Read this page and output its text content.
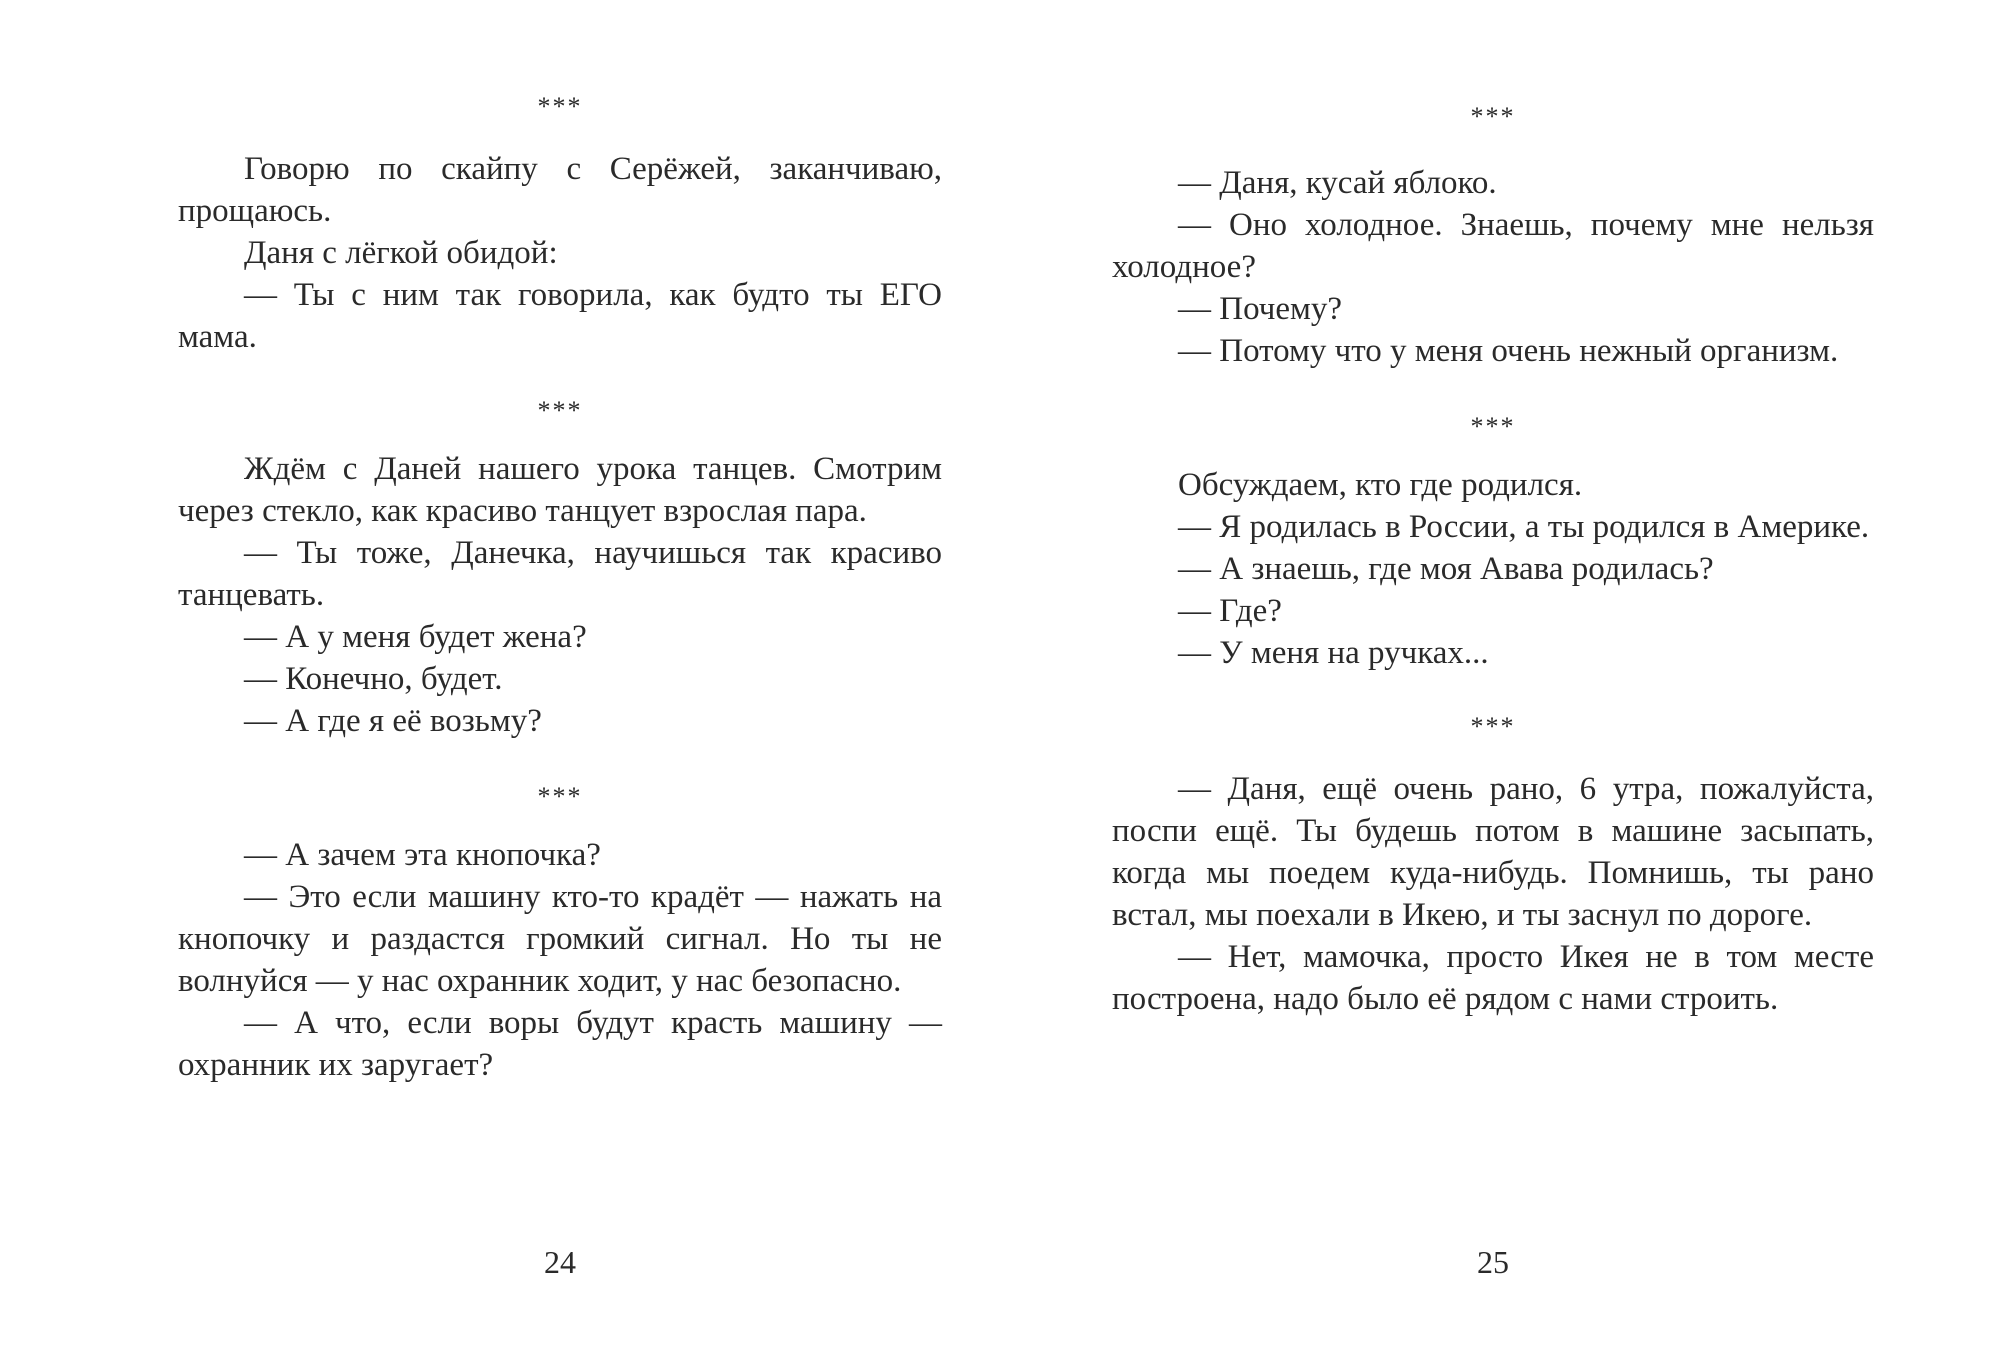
***

Говорю по скайпу с Серёжей, заканчиваю, прощаюсь.

Даня с лёгкой обидой:

— Ты с ним так говорила, как будто ты ЕГО мама.

***

Ждём с Даней нашего урока танцев. Смотрим через стекло, как красиво танцует взрослая пара.

— Ты тоже, Данечка, научишься так красиво танцевать.

— А у меня будет жена?

— Конечно, будет.

— А где я её возьму?

***

— А зачем эта кнопочка?

— Это если машину кто-то крадёт — нажать на кнопочку и раздастся громкий сигнал. Но ты не волнуйся — у нас охранник ходит, у нас безопасно.

— А что, если воры будут красть машину — охранник их заругает?

24
***

— Даня, кусай яблоко.

— Оно холодное. Знаешь, почему мне нельзя холодное?

— Почему?

— Потому что у меня очень нежный организм.

***

Обсуждаем, кто где родился.

— Я родилась в России, а ты родился в Америке.

— А знаешь, где моя Авава родилась?

— Где?

— У меня на ручках...

***

— Даня, ещё очень рано, 6 утра, пожалуйста, поспи ещё. Ты будешь потом в машине засыпать, когда мы поедем куда-нибудь. Помнишь, ты рано встал, мы поехали в Икею, и ты заснул по дороге.

— Нет, мамочка, просто Икея не в том месте построена, надо было её рядом с нами строить.

25
